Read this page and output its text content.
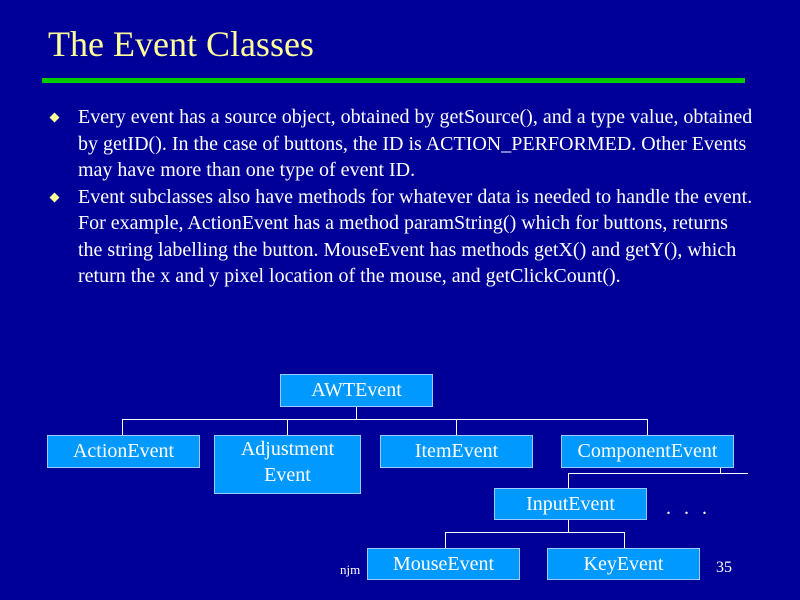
The Event Classes
Every event has a source object, obtained by getSource(), and a type value, obtained by getID(). In the case of buttons, the ID is ACTION_PERFORMED. Other Events may have more than one type of event ID.
Event subclasses also have methods for whatever data is needed to handle the event. For example, ActionEvent has a method paramString() which for buttons, returns the string labelling the button. MouseEvent has methods getX() and getY(), which return the x and y pixel location of the mouse, and getClickCount().
AWTEvent
ActionEvent	Adjustment Event
ItemEvent	ComponentEvent
InputEvent
MouseEvent	KeyEvent
. . .
njm	35
